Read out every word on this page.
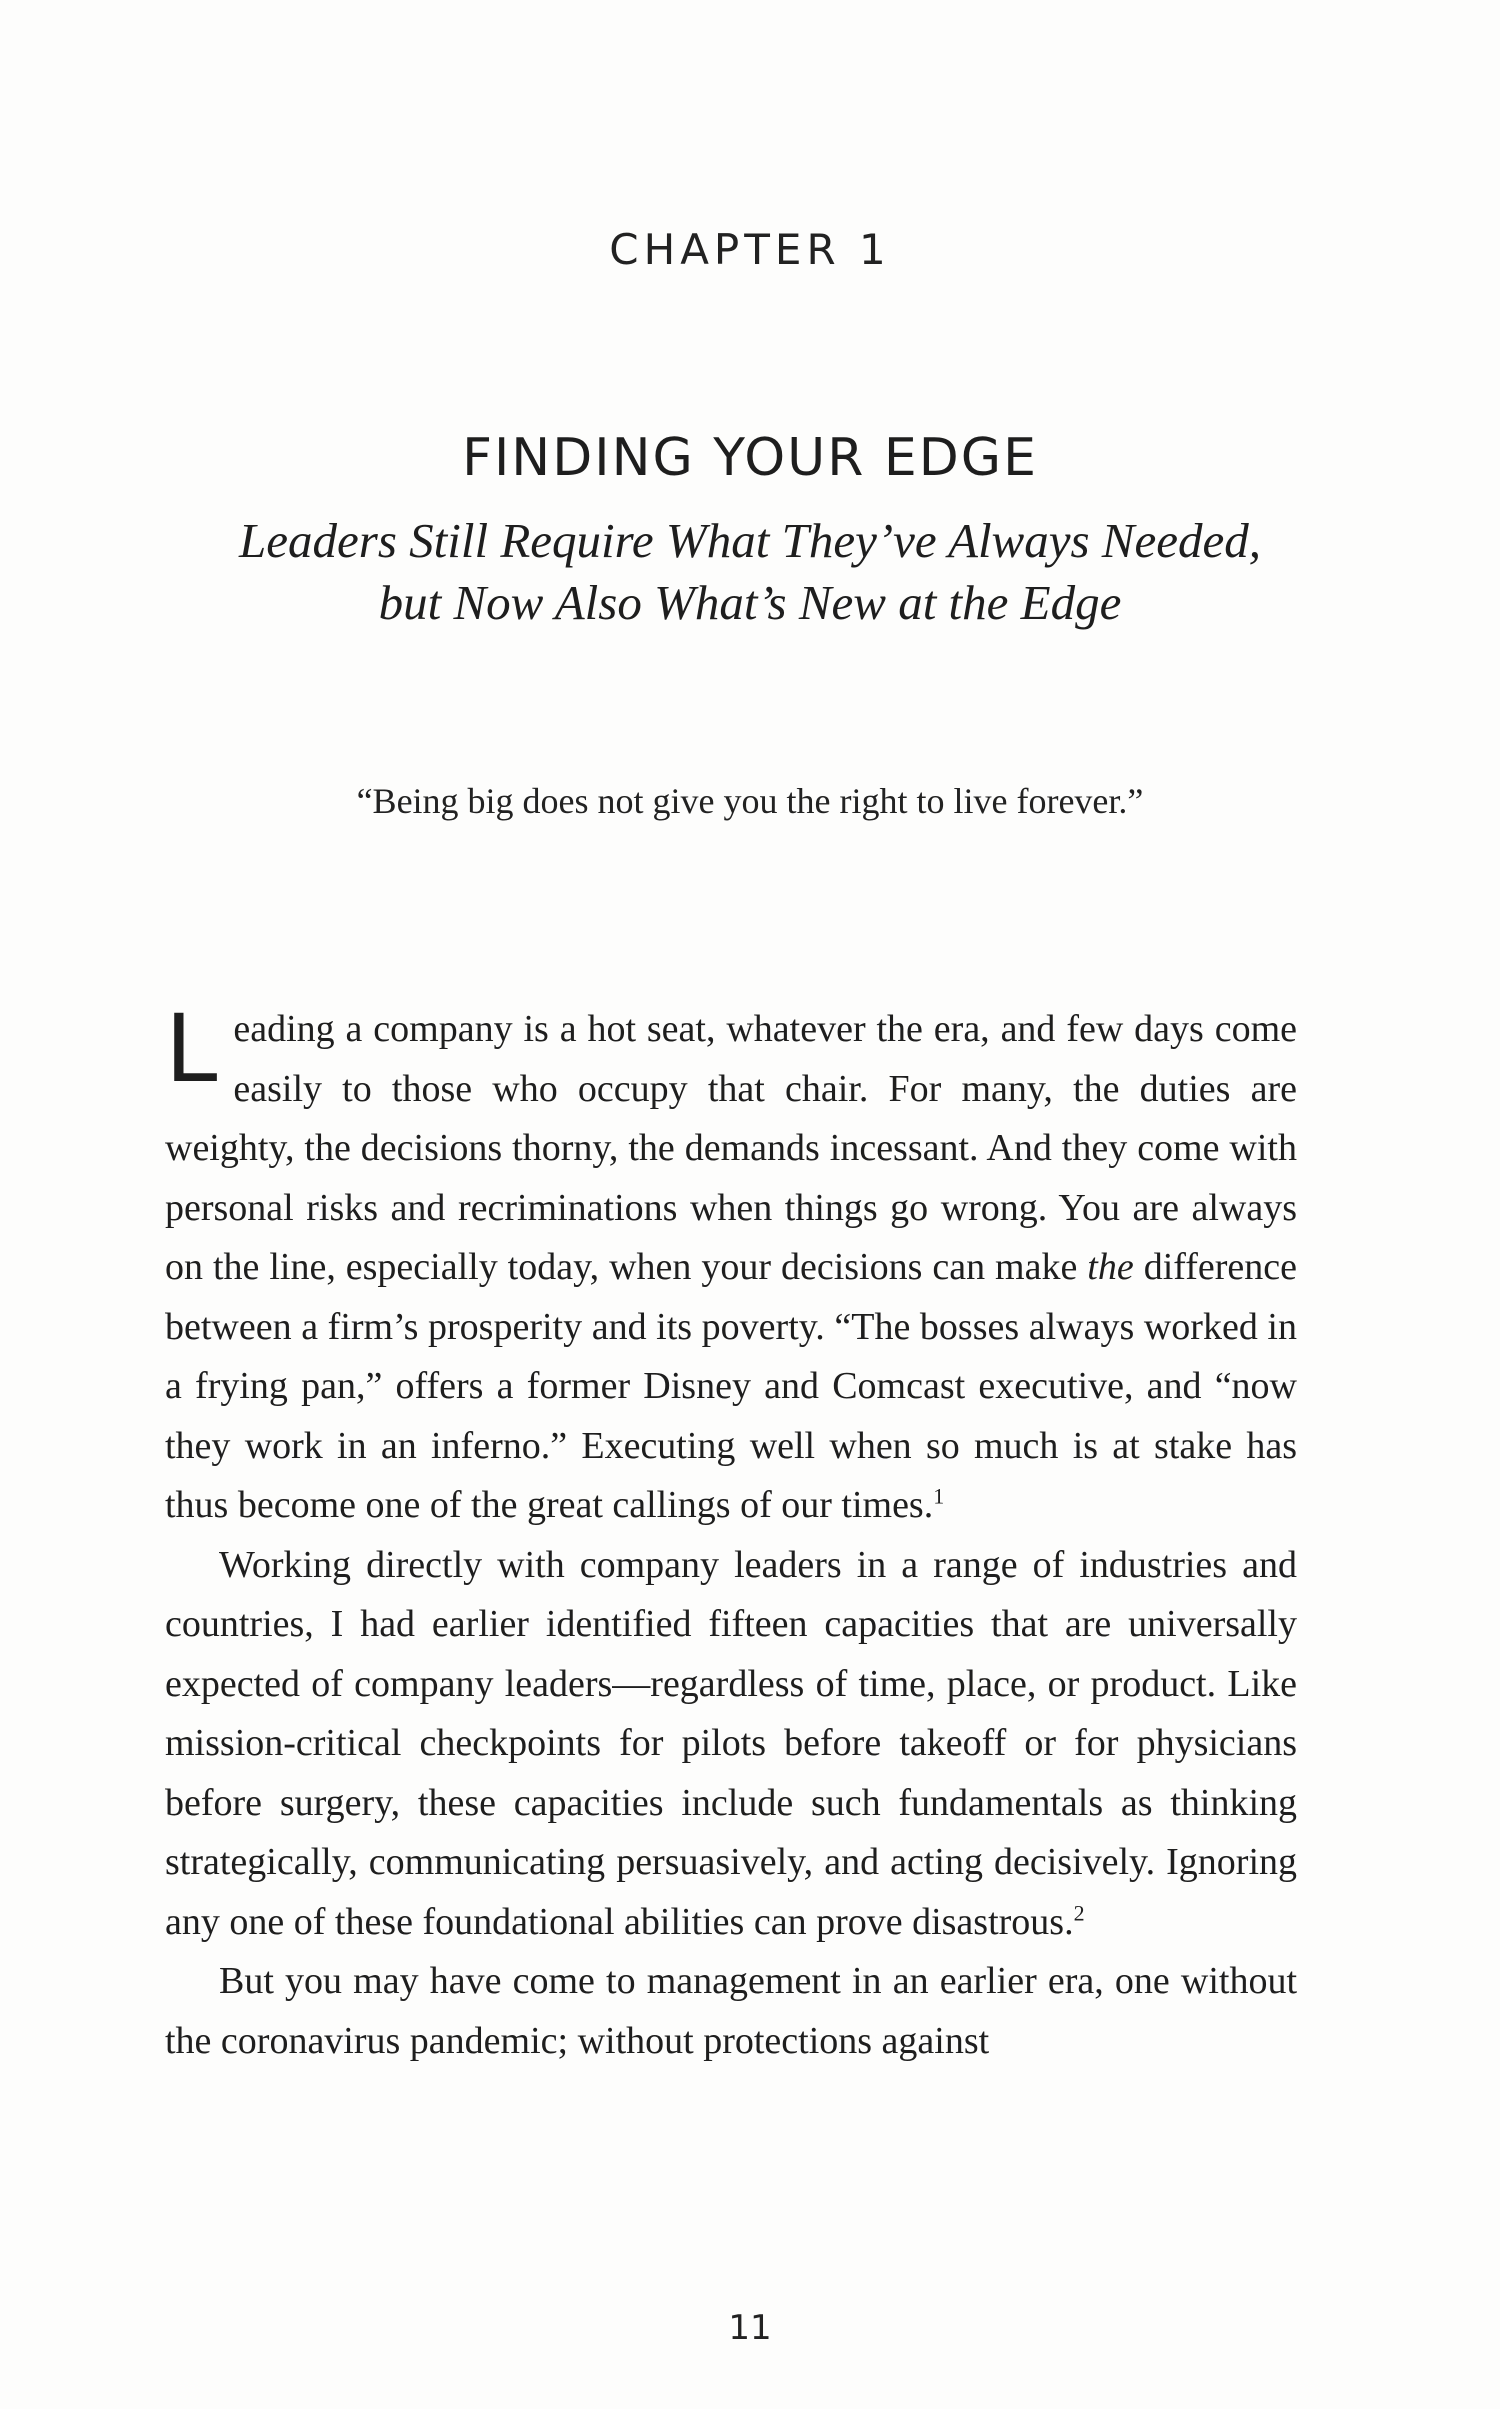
CHAPTER 1
FINDING YOUR EDGE
Leaders Still Require What They’ve Always Needed,
but Now Also What’s New at the Edge
“Being big does not give you the right to live forever.”

Leading a company is a hot seat, whatever the era, and few days come easily to those who occupy that chair. For many, the duties are weighty, the decisions thorny, the demands incessant. And they come with personal risks and recriminations when things go wrong. You are always on the line, especially today, when your decisions can make the difference between a firm’s prosperity and its poverty. “The bosses always worked in a frying pan,” offers a former Disney and Comcast executive, and “now they work in an inferno.” Executing well when so much is at stake has thus become one of the great callings of our times.$^1$

Working directly with company leaders in a range of industries and countries, I had earlier identified fifteen capacities that are universally expected of company leaders—regardless of time, place, or product. Like mission-critical checkpoints for pilots before takeoff or for physicians before surgery, these capacities include such fundamentals as thinking strategically, communicating persuasively, and acting decisively. Ignoring any one of these foundational abilities can prove disastrous.$^2$

But you may have come to management in an earlier era, one without the coronavirus pandemic; without protections against

11
